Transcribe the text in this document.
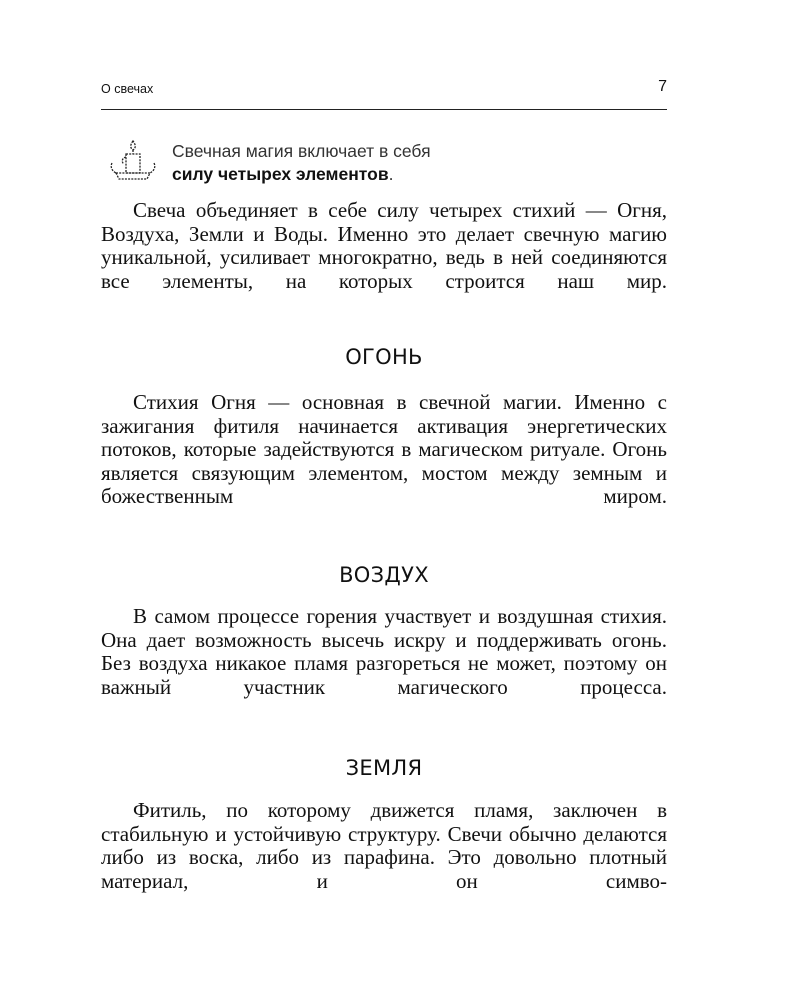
О свечах	7
Свечная магия включает в себя
силу четырех элементов.

Свеча объединяет в себе силу четырех стихий — Огня, Воздуха, Земли и Воды. Именно это делает свечную магию уникальной, усиливает многократно, ведь в ней соединяются все элементы, на которых строится наш мир.

ОГОНЬ

Стихия Огня — основная в свечной магии. Именно с зажигания фитиля начинается активация энергетических потоков, которые задействуются в магическом ритуале. Огонь является связующим элементом, мостом между земным и божественным миром.

ВОЗДУХ

В самом процессе горения участвует и воздушная стихия. Она дает возможность высечь искру и поддерживать огонь. Без воздуха никакое пламя разгореться не может, поэтому он важный участник магического процесса.

ЗЕМЛЯ

Фитиль, по которому движется пламя, заключен в стабильную и устойчивую структуру. Свечи обычно делаются либо из воска, либо из парафина. Это довольно плотный материал, и он симво-
